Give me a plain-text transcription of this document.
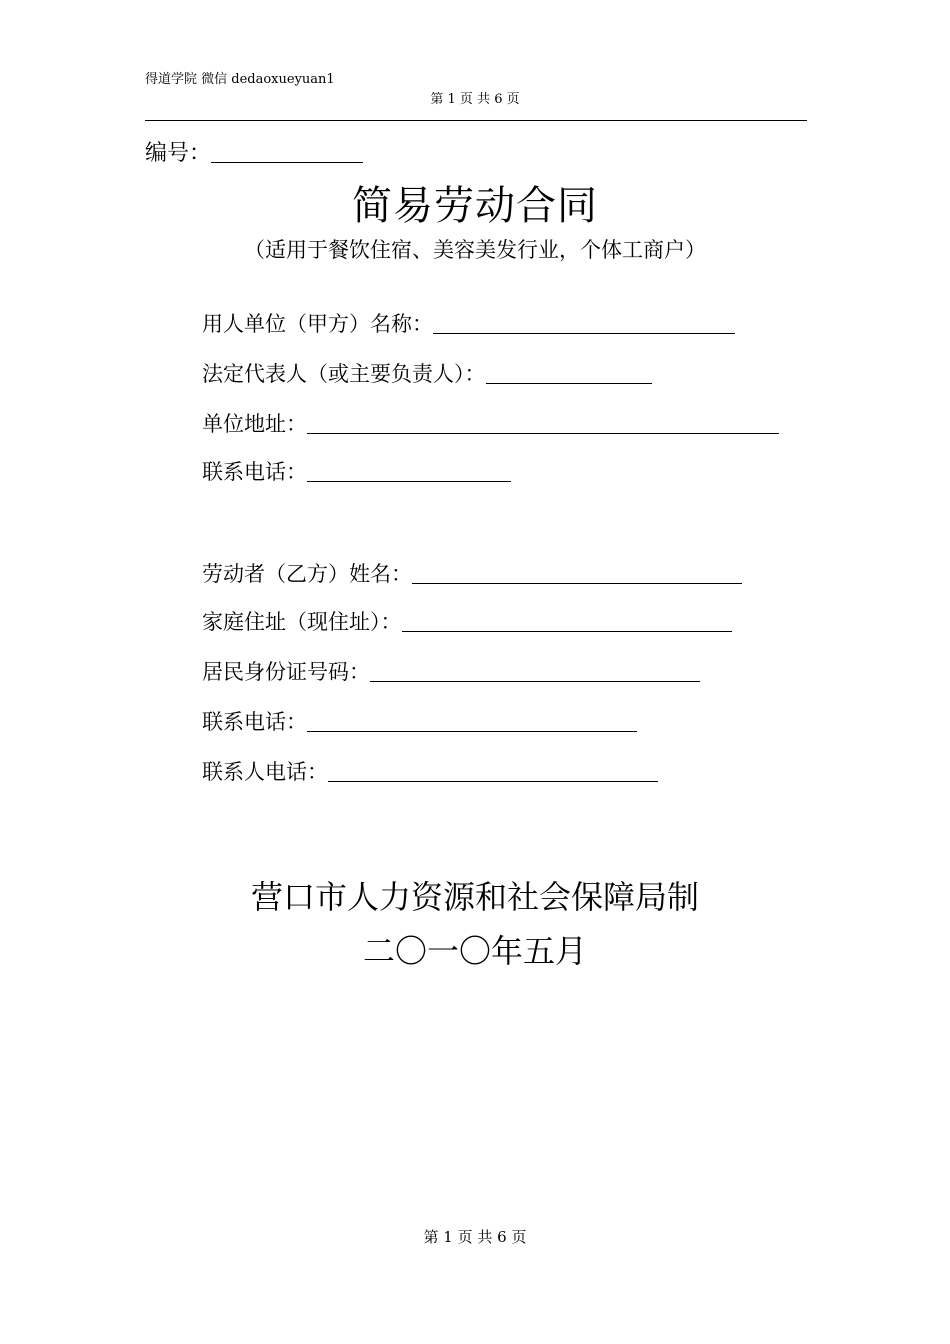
得道学院 微信 dedaoxueyuan1
第 1 页 共 6 页
编号：
简易劳动合同
（适用于餐饮住宿、美容美发行业，个体工商户）
用人单位（甲方）名称：
法定代表人（或主要负责人）：
单位地址：
联系电话：
劳动者（乙方）姓名：
家庭住址（现住址）：
居民身份证号码：
联系电话：
联系人电话：
营口市人力资源和社会保障局制
二〇一〇年五月
第 1 页 共 6 页
